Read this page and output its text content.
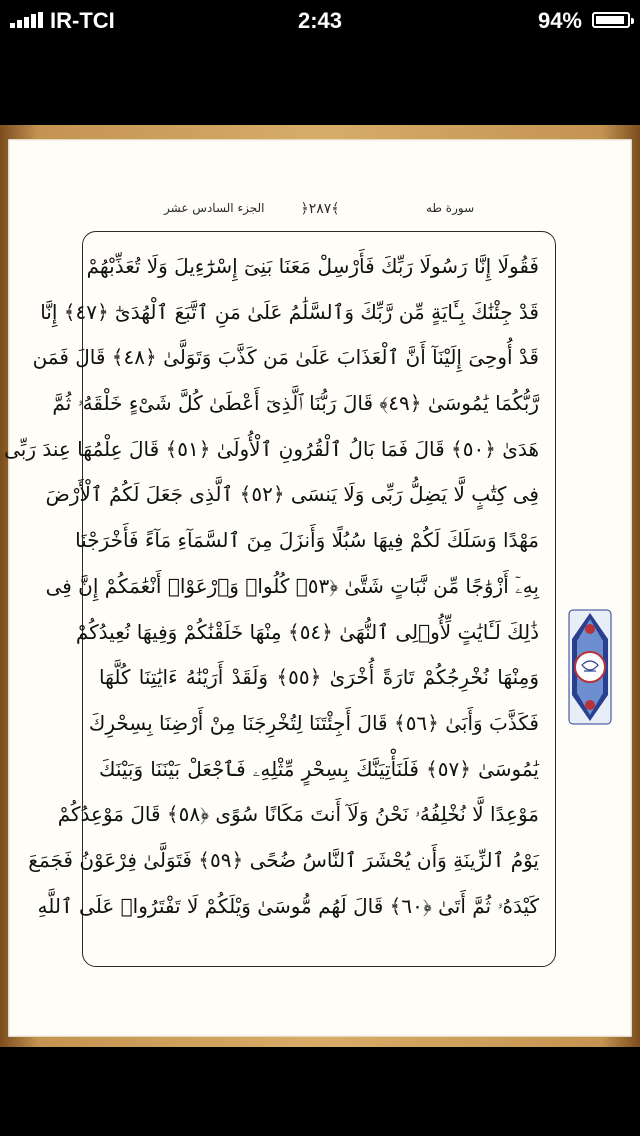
IR-TCI	2:43	94%
الجزء السادس عشر	﴿٢٨٧﴾	سورة طه
فَقُولَا إِنَّا رَسُولَا رَبِّكَ فَأَرْسِلْ مَعَنَا بَنِىٓ إِسْرَٰٓءِيلَ وَلَا تُعَذِّبْهُمْ
قَدْ جِئْنَٰكَ بِـَٔايَةٍ مِّن رَّبِّكَ وَٱلسَّلَٰمُ عَلَىٰ مَنِ ٱتَّبَعَ ٱلْهُدَىٰٓ ﴿٤٧﴾ إِنَّا
قَدْ أُوحِىَ إِلَيْنَآ أَنَّ ٱلْعَذَابَ عَلَىٰ مَن كَذَّبَ وَتَوَلَّىٰ ﴿٤٨﴾ قَالَ فَمَن
رَّبُّكُمَا يَٰمُوسَىٰ ﴿٤٩﴾ قَالَ رَبُّنَا ٱلَّذِىٓ أَعْطَىٰ كُلَّ شَىْءٍ خَلْقَهُۥ ثُمَّ
هَدَىٰ ﴿٥٠﴾ قَالَ فَمَا بَالُ ٱلْقُرُونِ ٱلْأُولَىٰ ﴿٥١﴾ قَالَ عِلْمُهَا عِندَ رَبِّى
فِى كِتَٰبٍ لَّا يَضِلُّ رَبِّى وَلَا يَنسَى ﴿٥٢﴾ ٱلَّذِى جَعَلَ لَكُمُ ٱلْأَرْضَ
مَهْدًا وَسَلَكَ لَكُمْ فِيهَا سُبُلًا وَأَنزَلَ مِنَ ٱلسَّمَآءِ مَآءً فَأَخْرَجْنَا
بِهِۦٓ أَزْوَٰجًا مِّن نَّبَاتٍ شَتَّىٰ ﴿٥٣﴾ كُلُوا۟ وَٱرْعَوْا۟ أَنْعَٰمَكُمْ إِنَّ فِى
ذَٰلِكَ لَـَٔايَٰتٍ لِّأُو۟لِى ٱلنُّهَىٰ ﴿٥٤﴾ مِنْهَا خَلَقْنَٰكُمْ وَفِيهَا نُعِيدُكُمْ
وَمِنْهَا نُخْرِجُكُمْ تَارَةً أُخْرَىٰ ﴿٥٥﴾ وَلَقَدْ أَرَيْنَٰهُ ءَايَٰتِنَا كُلَّهَا
فَكَذَّبَ وَأَبَىٰ ﴿٥٦﴾ قَالَ أَجِئْتَنَا لِتُخْرِجَنَا مِنْ أَرْضِنَا بِسِحْرِكَ
يَٰمُوسَىٰ ﴿٥٧﴾ فَلَنَأْتِيَنَّكَ بِسِحْرٍ مِّثْلِهِۦ فَٱجْعَلْ بَيْنَنَا وَبَيْنَكَ
مَوْعِدًا لَّا نُخْلِفُهُۥ نَحْنُ وَلَآ أَنتَ مَكَانًا سُوًى ﴿٥٨﴾ قَالَ مَوْعِدُكُمْ
يَوْمُ ٱلزِّينَةِ وَأَن يُحْشَرَ ٱلنَّاسُ ضُحًى ﴿٥٩﴾ فَتَوَلَّىٰ فِرْعَوْنُ فَجَمَعَ
كَيْدَهُۥ ثُمَّ أَتَىٰ ﴿٦٠﴾ قَالَ لَهُم مُّوسَىٰ وَيْلَكُمْ لَا تَفْتَرُوا۟ عَلَى ٱللَّهِ
